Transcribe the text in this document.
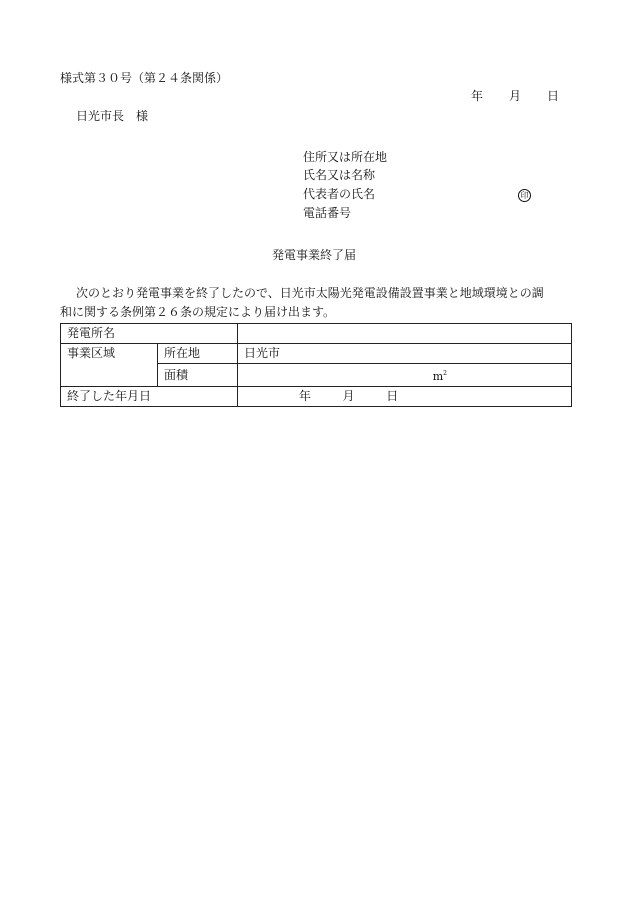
様式第３０号（第２４条関係）
年 月 日
日光市長　様
住所又は所在地
氏名又は名称
代表者の氏名	印
電話番号
発電事業終了届
次のとおり発電事業を終了したので、日光市太陽光発電設備設置事業と地域環境との調
和に関する条例第２６条の規定により届け出ます。
発電所名		
事業区域	所在地	日光市
	面積	$m^2$
終了した年月日		年 月 日
